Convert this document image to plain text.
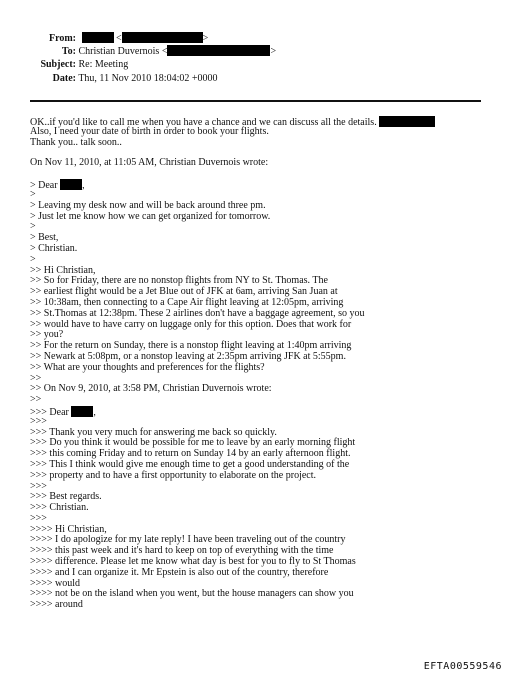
From:	<	>
To: Christian Duvernois <	>
Subject: Re: Meeting
Date: Thu, 11 Nov 2010 18:04:02 +0000
OK..if you'd like to call me when you have a chance and we can discuss all the details.
Also, I need your date of birth in order to book your flights.
Thank you.. talk soon..
On Nov 11, 2010, at 11:05 AM, Christian Duvernois wrote:
> Dear ,
>
> Leaving my desk now and will be back around three pm.
> Just let me know how we can get organized for tomorrow.
>
> Best,
> Christian.
>
>> Hi Christian,
>> So for Friday, there are no nonstop flights from NY to St. Thomas. The
>> earliest flight would be a Jet Blue out of JFK at 6am, arriving San Juan at
>> 10:38am, then connecting to a Cape Air flight leaving at 12:05pm, arriving
>> St.Thomas at 12:38pm. These 2 airlines don't have a baggage agreement, so you
>> would have to have carry on luggage only for this option. Does that work for
>> you?
>> For the return on Sunday, there is a nonstop flight leaving at 1:40pm arriving
>> Newark at 5:08pm, or a nonstop leaving at 2:35pm arriving JFK at 5:55pm.
>> What are your thoughts and preferences for the flights?
>>
>> On Nov 9, 2010, at 3:58 PM, Christian Duvernois wrote:
>>
>>> Dear ,
>>>
>>> Thank you very much for answering me back so quickly.
>>> Do you think it would be possible for me to leave by an early morning flight
>>> this coming Friday and to return on Sunday 14 by an early afternoon flight.
>>> This I think would give me enough time to get a good understanding of the
>>> property and to have a first opportunity to elaborate on the project.
>>>
>>> Best regards.
>>> Christian.
>>>
>>>> Hi Christian,
>>>> I do apologize for my late reply! I have been traveling out of the country
>>>> this past week and it's hard to keep on top of everything with the time
>>>> difference. Please let me know what day is best for you to fly to St Thomas
>>>> and I can organize it. Mr Epstein is also out of the country, therefore
>>>> would
>>>> not be on the island when you went, but the house managers can show you
>>>> around
EFTA00559546
